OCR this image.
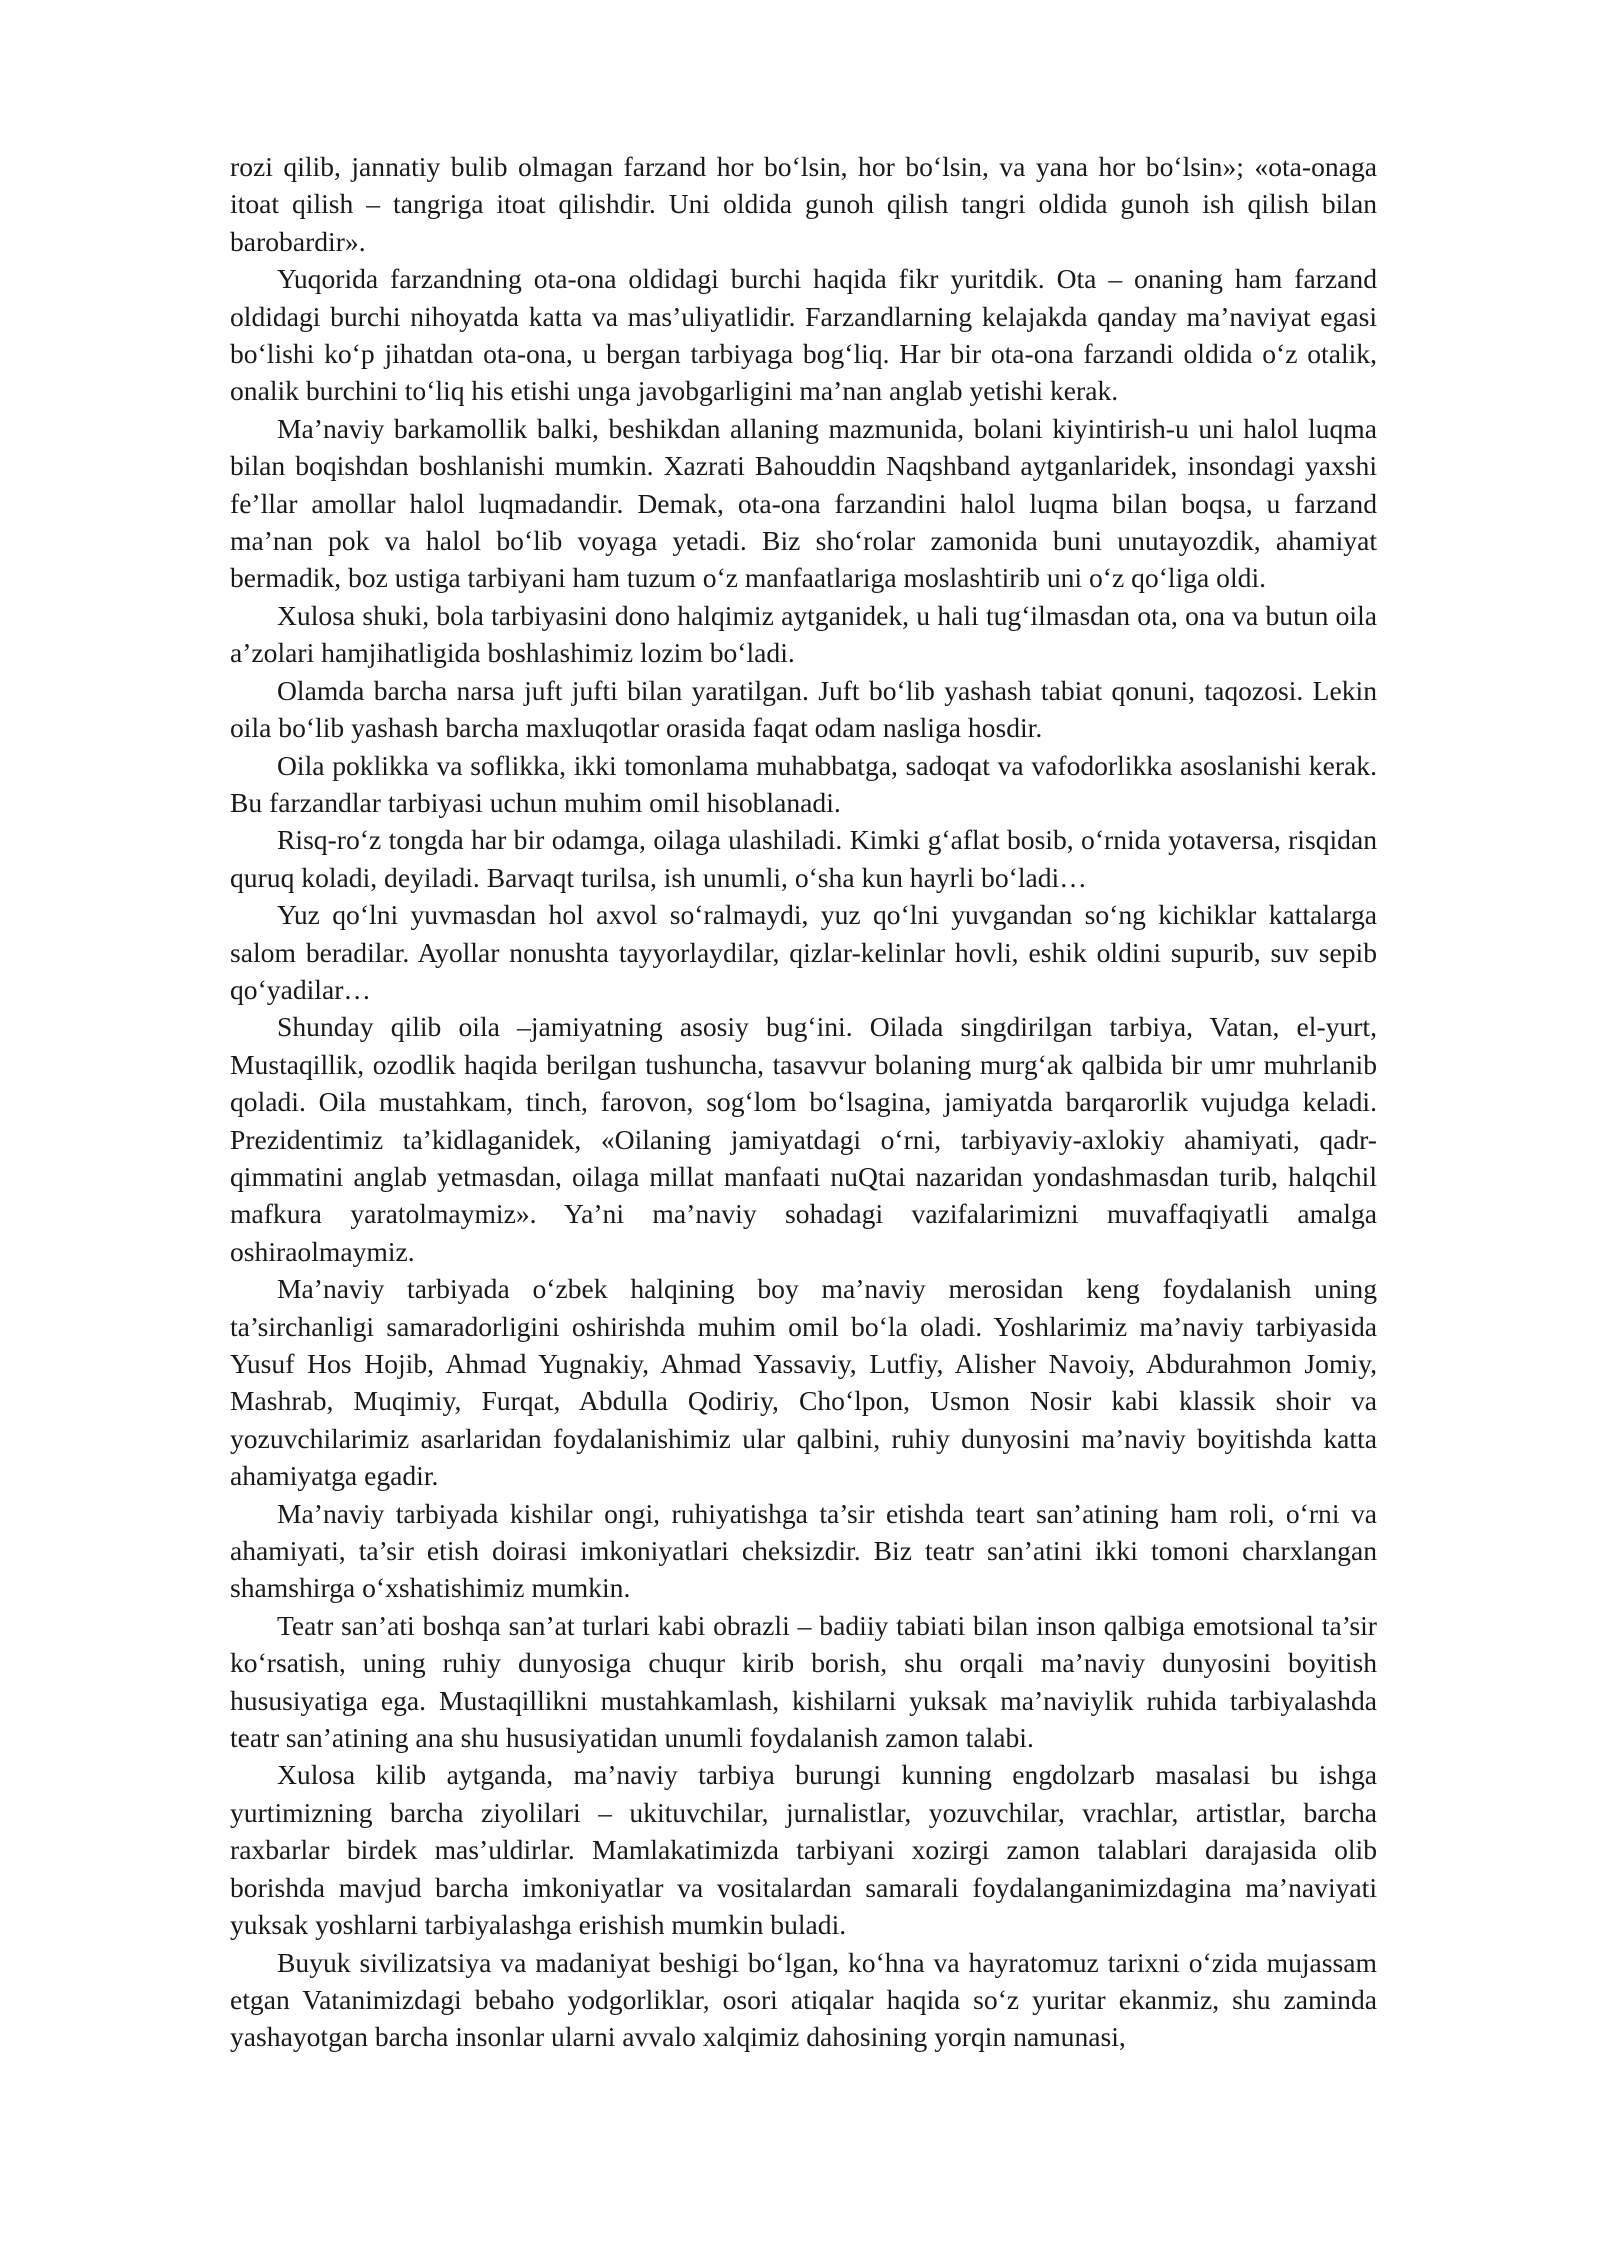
rozi qilib, jannatiy bulib olmagan farzand hor bo‘lsin, hor bo‘lsin, va yana hor bo‘lsin»; «ota-onaga itoat qilish – tangriga itoat qilishdir. Uni oldida gunoh qilish tangri oldida gunoh ish qilish bilan barobardir».

Yuqorida farzandning ota-ona oldidagi burchi haqida fikr yuritdik. Ota – onaning ham farzand oldidagi burchi nihoyatda katta va mas’uliyatlidir. Farzandlarning kelajakda qanday ma’naviyat egasi bo‘lishi ko‘p jihatdan ota-ona, u bergan tarbiyaga bog‘liq. Har bir ota-ona farzandi oldida o‘z otalik, onalik burchini to‘liq his etishi unga javobgarligini ma’nan anglab yetishi kerak.

Ma’naviy barkamollik balki, beshikdan allaning mazmunida, bolani kiyintirish-u uni halol luqma bilan boqishdan boshlanishi mumkin. Xazrati Bahouddin Naqshband aytganlaridek, insondagi yaxshi fe’llar amollar halol luqmadandir. Demak, ota-ona farzandini halol luqma bilan boqsa, u farzand ma’nan pok va halol bo‘lib voyaga yetadi. Biz sho‘rolar zamonida buni unutayozdik, ahamiyat bermadik, boz ustiga tarbiyani ham tuzum o‘z manfaatlariga moslashtirib uni o‘z qo‘liga oldi.

Xulosa shuki, bola tarbiyasini dono halqimiz aytganidek, u hali tug‘ilmasdan ota, ona va butun oila a’zolari hamjihatligida boshlashimiz lozim bo‘ladi.

Olamda barcha narsa juft jufti bilan yaratilgan. Juft bo‘lib yashash tabiat qonuni, taqozosi. Lekin oila bo‘lib yashash barcha maxluqotlar orasida faqat odam nasliga hosdir.

Oila poklikka va soflikka, ikki tomonlama muhabbatga, sadoqat va vafodorlikka asoslanishi kerak. Bu farzandlar tarbiyasi uchun muhim omil hisoblanadi.

Risq-ro‘z tongda har bir odamga, oilaga ulashiladi. Kimki g‘aflat bosib, o‘rnida yotaversa, risqidan quruq koladi, deyiladi. Barvaqt turilsa, ish unumli, o‘sha kun hayrli bo‘ladi…

Yuz qo‘lni yuvmasdan hol axvol so‘ralmaydi, yuz qo‘lni yuvgandan so‘ng kichiklar kattalarga salom beradilar. Ayollar nonushta tayyorlaydilar, qizlar-kelinlar hovli, eshik oldini supurib, suv sepib qo‘yadilar…

Shunday qilib oila –jamiyatning asosiy bug‘ini. Oilada singdirilgan tarbiya, Vatan, el-yurt, Mustaqillik, ozodlik haqida berilgan tushuncha, tasavvur bolaning murg‘ak qalbida bir umr muhrlanib qoladi. Oila mustahkam, tinch, farovon, sog‘lom bo‘lsagina, jamiyatda barqarorlik vujudga keladi. Prezidentimiz ta’kidlaganidek, «Oilaning jamiyatdagi o‘rni, tarbiyaviy-axlokiy ahamiyati, qadr-qimmatini anglab yetmasdan, oilaga millat manfaati nuQtai nazaridan yondashmasdan turib, halqchil mafkura yaratolmaymiz». Ya’ni ma’naviy sohadagi vazifalarimizni muvaffaqiyatli amalga oshiraolmaymiz.

Ma’naviy tarbiyada o‘zbek halqining boy ma’naviy merosidan keng foydalanish uning ta’sirchanligi samaradorligini oshirishda muhim omil bo‘la oladi. Yoshlarimiz ma’naviy tarbiyasida Yusuf Hos Hojib, Ahmad Yugnakiy, Ahmad Yassaviy, Lutfiy, Alisher Navoiy, Abdurahmon Jomiy, Mashrab, Muqimiy, Furqat, Abdulla Qodiriy, Cho‘lpon, Usmon Nosir kabi klassik shoir va yozuvchilarimiz asarlaridan foydalanishimiz ular qalbini, ruhiy dunyosini ma’naviy boyitishda katta ahamiyatga egadir.

Ma’naviy tarbiyada kishilar ongi, ruhiyatishga ta’sir etishda teart san’atining ham roli, o‘rni va ahamiyati, ta’sir etish doirasi imkoniyatlari cheksizdir. Biz teatr san’atini ikki tomoni charxlangan shamshirga o‘xshatishimiz mumkin.

Teatr san’ati boshqa san’at turlari kabi obrazli – badiiy tabiati bilan inson qalbiga emotsional ta’sir ko‘rsatish, uning ruhiy dunyosiga chuqur kirib borish, shu orqali ma’naviy dunyosini boyitish hususiyatiga ega. Mustaqillikni mustahkamlash, kishilarni yuksak ma’naviylik ruhida tarbiyalashda teatr san’atining ana shu hususiyatidan unumli foydalanish zamon talabi.

Xulosa kilib aytganda, ma’naviy tarbiya burungi kunning engdolzarb masalasi bu ishga yurtimizning barcha ziyolilari – ukituvchilar, jurnalistlar, yozuvchilar, vrachlar, artistlar, barcha raxbarlar birdek mas’uldirlar. Mamlakatimizda tarbiyani xozirgi zamon talablari darajasida olib borishda mavjud barcha imkoniyatlar va vositalardan samarali foydalanganimizdagina ma’naviyati yuksak yoshlarni tarbiyalashga erishish mumkin buladi.

Buyuk sivilizatsiya va madaniyat beshigi bo‘lgan, ko‘hna va hayratomuz tarixni o‘zida mujassam etgan Vatanimizdagi bebaho yodgorliklar, osori atiqalar haqida so‘z yuritar ekanmiz, shu zaminda yashayotgan barcha insonlar ularni avvalo xalqimiz dahosining yorqin namunasi,
